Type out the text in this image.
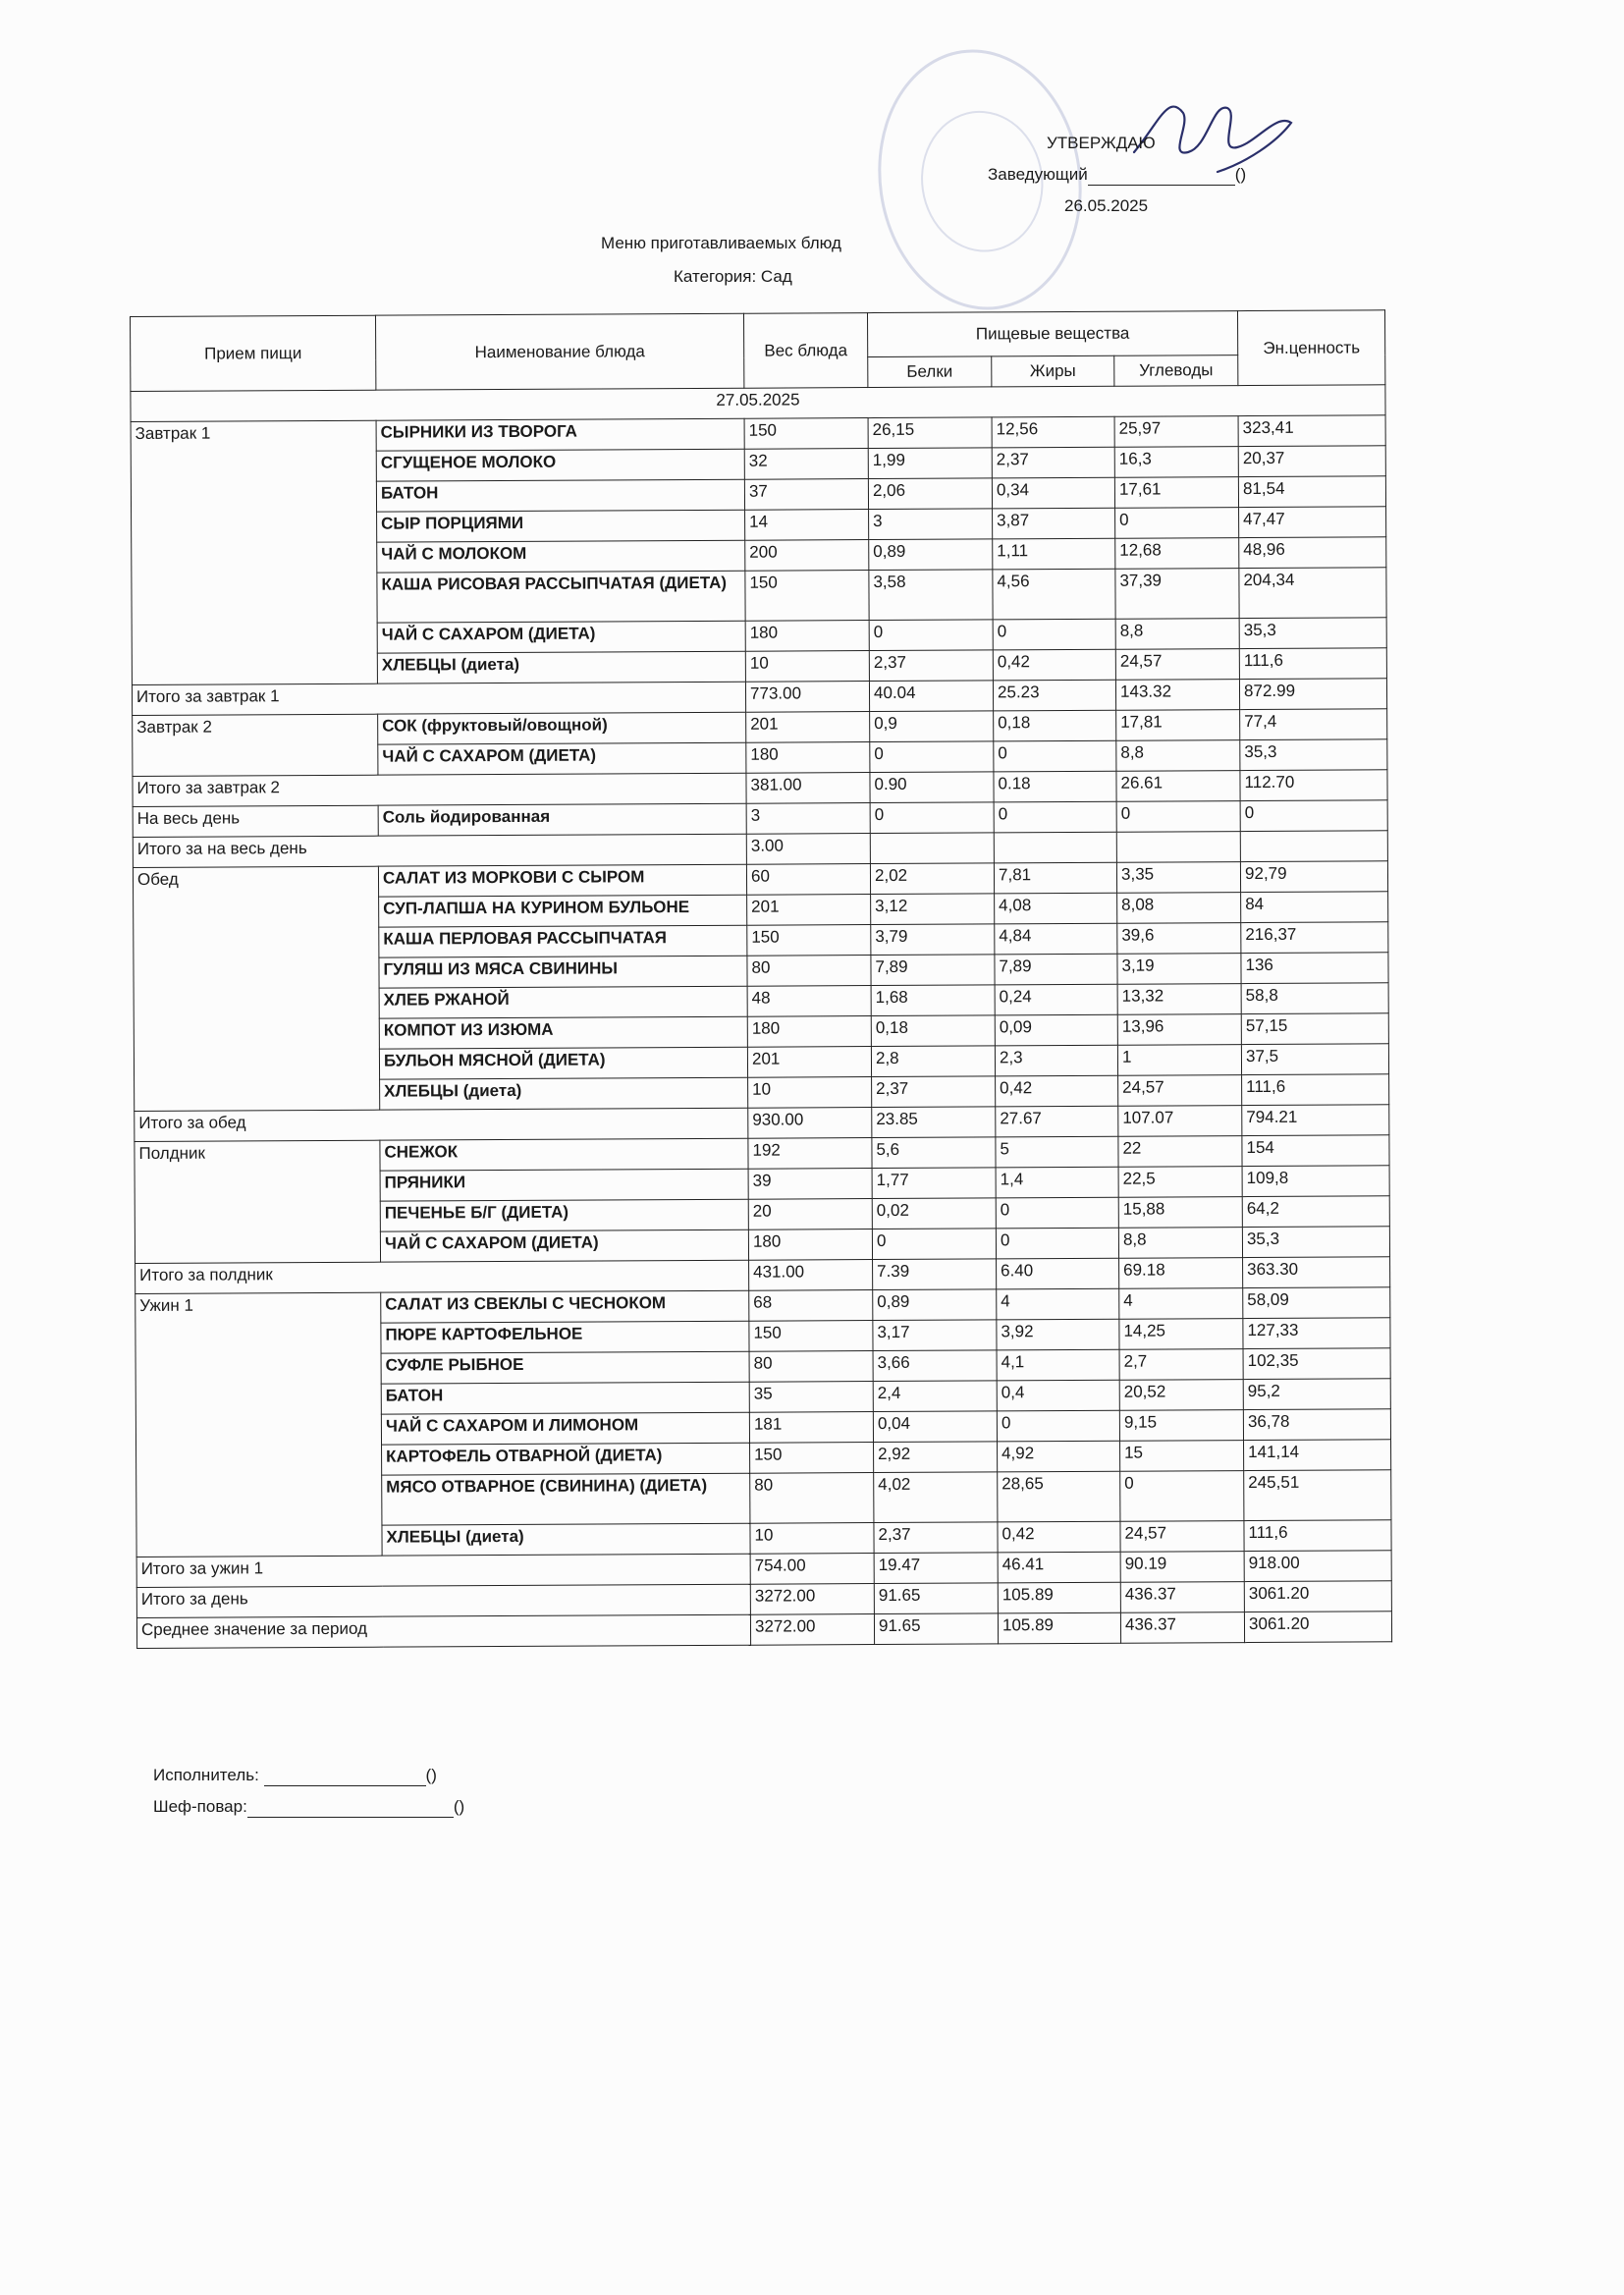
УТВЕРЖДАЮ
Заведующий	()
26.05.2025
Меню приготавливаемых блюд
Категория: Сад
Прием пищи	Наименование блюда	Вес блюда	Пищевые вещества			Эн.ценность
			Белки	Жиры	Углеводы	
27.05.2025						
Завтрак 1	СЫРНИКИ ИЗ ТВОРОГА	150	26,15	12,56	25,97	323,41
	СГУЩЕНОЕ МОЛОКО	32	1,99	2,37	16,3	20,37
	БАТОН	37	2,06	0,34	17,61	81,54
	СЫР ПОРЦИЯМИ	14	3	3,87	0	47,47
	ЧАЙ С МОЛОКОМ	200	0,89	1,11	12,68	48,96
	КАША РИСОВАЯ РАССЫПЧАТАЯ (ДИЕТА)	150	3,58	4,56	37,39	204,34
	ЧАЙ С САХАРОМ (ДИЕТА)	180	0	0	8,8	35,3
	ХЛЕБЦЫ (диета)	10	2,37	0,42	24,57	111,6
Итого за завтрак 1		773.00	40.04	25.23	143.32	872.99
Завтрак 2	СОК (фруктовый/овощной)	201	0,9	0,18	17,81	77,4
	ЧАЙ С САХАРОМ (ДИЕТА)	180	0	0	8,8	35,3
Итого за завтрак 2		381.00	0.90	0.18	26.61	112.70
На весь день	Соль йодированная	3	0	0	0	0
Итого за на весь день		3.00				
Обед	САЛАТ ИЗ МОРКОВИ С СЫРОМ	60	2,02	7,81	3,35	92,79
	СУП-ЛАПША НА КУРИНОМ БУЛЬОНЕ	201	3,12	4,08	8,08	84
	КАША ПЕРЛОВАЯ РАССЫПЧАТАЯ	150	3,79	4,84	39,6	216,37
	ГУЛЯШ ИЗ МЯСА СВИНИНЫ	80	7,89	7,89	3,19	136
	ХЛЕБ РЖАНОЙ	48	1,68	0,24	13,32	58,8
	КОМПОТ ИЗ ИЗЮМА	180	0,18	0,09	13,96	57,15
	БУЛЬОН МЯСНОЙ (ДИЕТА)	201	2,8	2,3	1	37,5
	ХЛЕБЦЫ (диета)	10	2,37	0,42	24,57	111,6
Итого за обед		930.00	23.85	27.67	107.07	794.21
Полдник	СНЕЖОК	192	5,6	5	22	154
	ПРЯНИКИ	39	1,77	1,4	22,5	109,8
	ПЕЧЕНЬЕ Б/Г (ДИЕТА)	20	0,02	0	15,88	64,2
	ЧАЙ С САХАРОМ (ДИЕТА)	180	0	0	8,8	35,3
Итого за полдник		431.00	7.39	6.40	69.18	363.30
Ужин 1	САЛАТ ИЗ СВЕКЛЫ С ЧЕСНОКОМ	68	0,89	4	4	58,09
	ПЮРЕ КАРТОФЕЛЬНОЕ	150	3,17	3,92	14,25	127,33
	СУФЛЕ РЫБНОЕ	80	3,66	4,1	2,7	102,35
	БАТОН	35	2,4	0,4	20,52	95,2
	ЧАЙ С САХАРОМ И ЛИМОНОМ	181	0,04	0	9,15	36,78
	КАРТОФЕЛЬ ОТВАРНОЙ (ДИЕТА)	150	2,92	4,92	15	141,14
	МЯСО ОТВАРНОЕ (СВИНИНА) (ДИЕТА)	80	4,02	28,65	0	245,51
	ХЛЕБЦЫ (диета)	10	2,37	0,42	24,57	111,6
Итого за ужин 1		754.00	19.47	46.41	90.19	918.00
Итого за день		3272.00	91.65	105.89	436.37	3061.20
Среднее значение за период		3272.00	91.65	105.89	436.37	3061.20
Исполнитель:	()
Шеф-повар:	()
